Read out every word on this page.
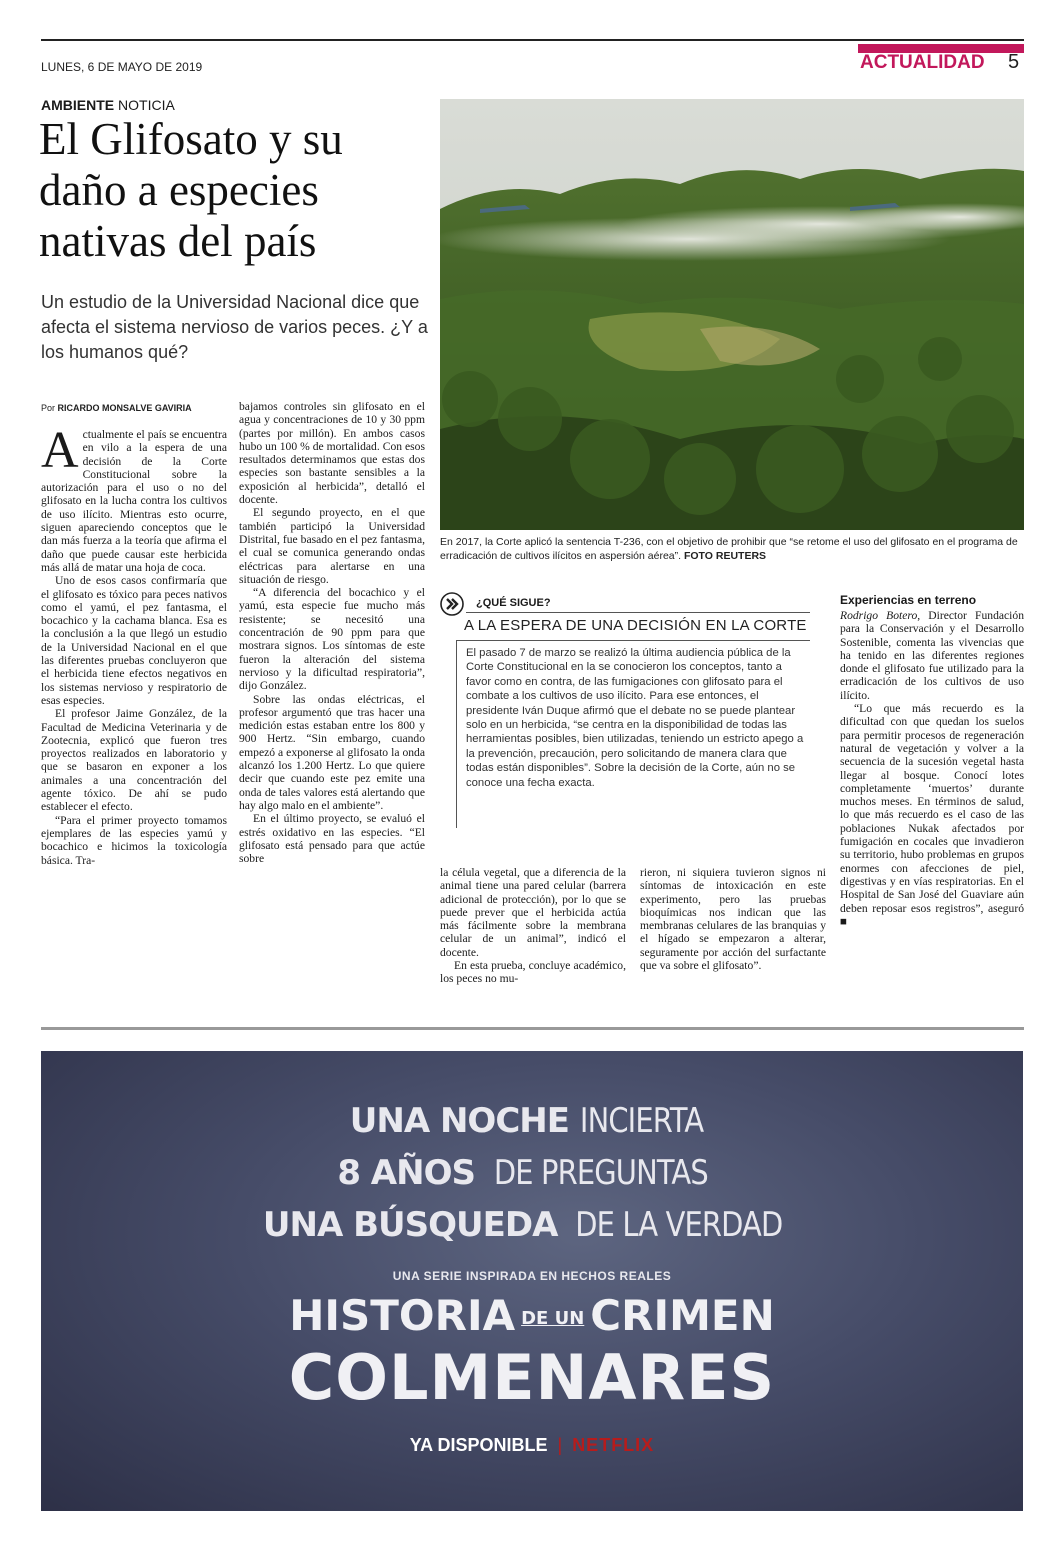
LUNES, 6 DE MAYO DE 2019	ACTUALIDAD 5
AMBIENTE NOTICIA
El Glifosato y su daño a especies nativas del país
Un estudio de la Universidad Nacional dice que afecta el sistema nervioso de varios peces. ¿Y a los humanos qué?
Por RICARDO MONSALVE GAVIRIA

Actualmente el país se encuentra en vilo a la espera de una decisión de la Corte Constitucional sobre la autorización para el uso o no del glifosato en la lucha contra los cultivos de uso ilícito. Mientras esto ocurre, siguen apareciendo conceptos que le dan más fuerza a la teoría que afirma el daño que puede causar este herbicida más allá de matar una hoja de coca.

Uno de esos casos confirmaría que el glifosato es tóxico para peces nativos como el yamú, el pez fantasma, el bocachico y la cachama blanca. Esa es la conclusión a la que llegó un estudio de la Universidad Nacional en el que las diferentes pruebas concluyeron que el herbicida tiene efectos negativos en los sistemas nervioso y respiratorio de esas especies.

El profesor Jaime González, de la Facultad de Medicina Veterinaria y de Zootecnia, explicó que fueron tres proyectos realizados en laboratorio y que se basaron en exponer a los animales a una concentración del agente tóxico. De ahí se pudo establecer el efecto.

“Para el primer proyecto tomamos ejemplares de las especies yamú y bocachico e hicimos la toxicología básica. Tra-

bajamos controles sin glifosato en el agua y concentraciones de 10 y 30 ppm (partes por millón). En ambos casos hubo un 100 % de mortalidad. Con esos resultados determinamos que estas dos especies son bastante sensibles a la exposición al herbicida”, detalló el docente.

El segundo proyecto, en el que también participó la Universidad Distrital, fue basado en el pez fantasma, el cual se comunica generando ondas eléctricas para alertarse en una situación de riesgo.

“A diferencia del bocachico y el yamú, esta especie fue mucho más resistente; se necesitó una concentración de 90 ppm para que mostrara signos. Los síntomas de este fueron la alteración del sistema nervioso y la dificultad respiratoria”, dijo González.

Sobre las ondas eléctricas, el profesor argumentó que tras hacer una medición estas estaban entre los 800 y 900 Hertz. “Sin embargo, cuando empezó a exponerse al glifosato la onda alcanzó los 1.200 Hertz. Lo que quiere decir que cuando este pez emite una onda de tales valores está alertando que hay algo malo en el ambiente”.

En el último proyecto, se evaluó el estrés oxidativo en las especies. “El glifosato está pensado para que actúe sobre

En 2017, la Corte aplicó la sentencia T-236, con el objetivo de prohibir que “se retome el uso del glifosato en el programa de erradicación de cultivos ilícitos en aspersión aérea”. FOTO REUTERS
¿QUÉ SIGUE?
A LA ESPERA DE UNA DECISIÓN EN LA CORTE
El pasado 7 de marzo se realizó la última audiencia pública de la Corte Constitucional en la se conocieron los conceptos, tanto a favor como en contra, de las fumigaciones con glifosato para el combate a los cultivos de uso ilícito. Para ese entonces, el presidente Iván Duque afirmó que el debate no se puede plantear solo en un herbicida, “se centra en la disponibilidad de todas las herramientas posibles, bien utilizadas, teniendo un estricto apego a la prevención, precaución, pero solicitando de manera clara que todas están disponibles”. Sobre la decisión de la Corte, aún no se conoce una fecha exacta.

la célula vegetal, que a diferencia de la animal tiene una pared celular (barrera adicional de protección), por lo que se puede prever que el herbicida actúa más fácilmente sobre la membrana celular de un animal”, indicó el docente.

En esta prueba, concluye académico, los peces no mu-

rieron, ni siquiera tuvieron signos ni síntomas de intoxicación en este experimento, pero las pruebas bioquímicas nos indican que las membranas celulares de las branquias y el hígado se empezaron a alterar, seguramente por acción del surfactante que va sobre el glifosato”.

Experiencias en terreno

Rodrigo Botero, Director Fundación para la Conservación y el Desarrollo Sostenible, comenta las vivencias que ha tenido en las diferentes regiones donde el glifosato fue utilizado para la erradicación de los cultivos de uso ilícito.

“Lo que más recuerdo es la dificultad con que quedan los suelos para permitir procesos de regeneración natural de vegetación y volver a la secuencia de la sucesión vegetal hasta llegar al bosque. Conocí lotes completamente ‘muertos’ durante muchos meses. En términos de salud, lo que más recuerdo es el caso de las poblaciones Nukak afectados por fumigación en cocales que invadieron su territorio, hubo problemas en grupos enormes con afecciones de piel, digestivas y en vías respiratorias. En el Hospital de San José del Guaviare aún deben reposar esos registros”, aseguró ■

UNA NOCHEINCIERTA
8 AÑOSDE PREGUNTAS
UNA BÚSQUEDADE LA VERDAD
UNA SERIE INSPIRADA EN HECHOS REALES
HISTORIA DE UN CRIMEN
COLMENARES
YA DISPONIBLE | NETFLIX
